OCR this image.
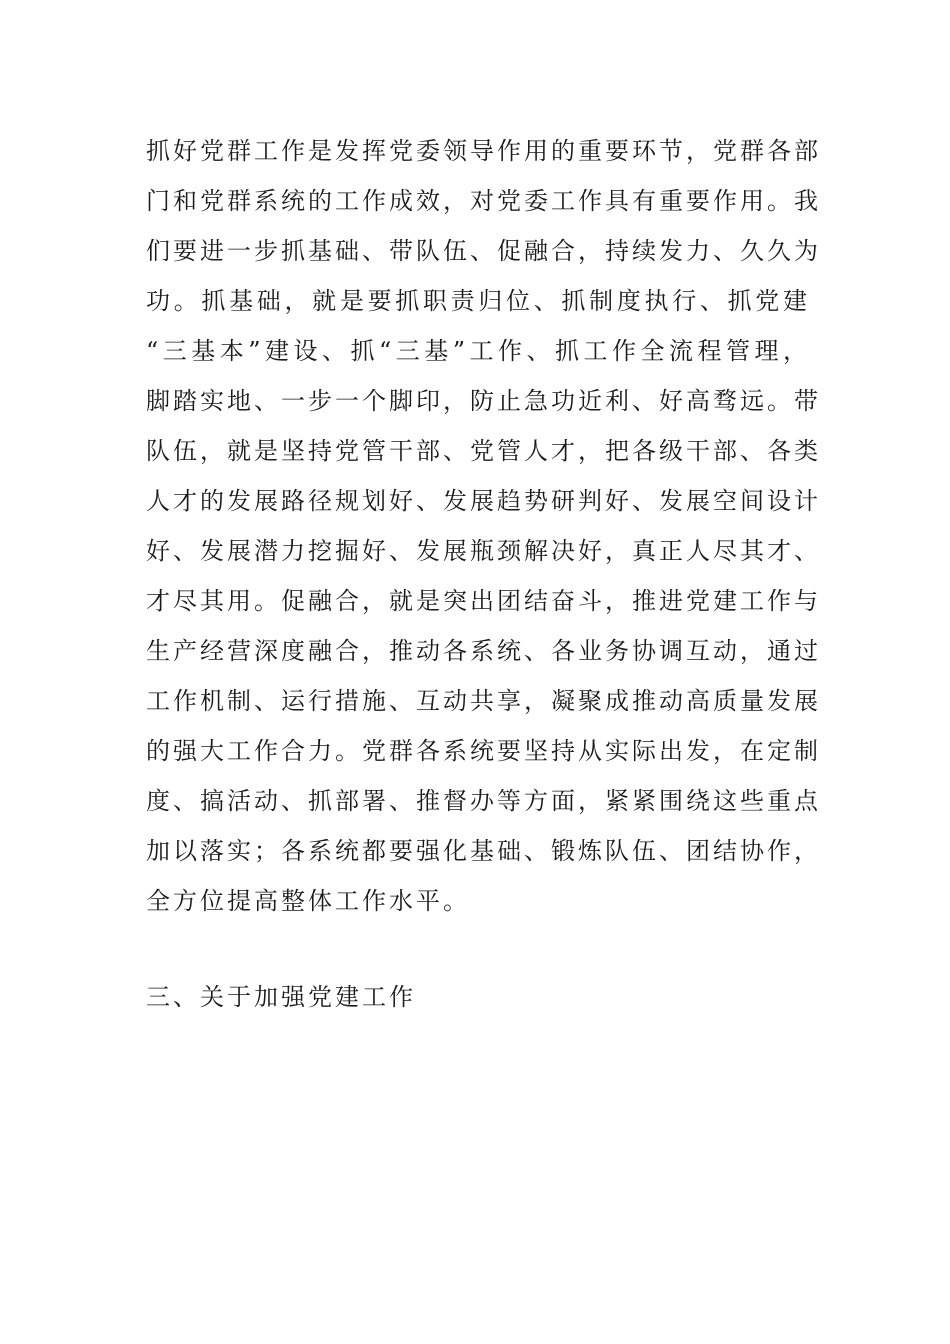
抓好党群工作是发挥党委领导作用的重要环节，党群各部
门和党群系统的工作成效，对党委工作具有重要作用。我
们要进一步抓基础、带队伍、促融合，持续发力、久久为
功。抓基础，就是要抓职责归位、抓制度执行、抓党建
“三基本”建设、抓“三基”工作、抓工作全流程管理，
脚踏实地、一步一个脚印，防止急功近利、好高骛远。带
队伍，就是坚持党管干部、党管人才，把各级干部、各类
人才的发展路径规划好、发展趋势研判好、发展空间设计
好、发展潜力挖掘好、发展瓶颈解决好，真正人尽其才、
才尽其用。促融合，就是突出团结奋斗，推进党建工作与
生产经营深度融合，推动各系统、各业务协调互动，通过
工作机制、运行措施、互动共享，凝聚成推动高质量发展
的强大工作合力。党群各系统要坚持从实际出发，在定制
度、搞活动、抓部署、推督办等方面，紧紧围绕这些重点
加以落实；各系统都要强化基础、锻炼队伍、团结协作，
全方位提高整体工作水平。

三、关于加强党建工作
